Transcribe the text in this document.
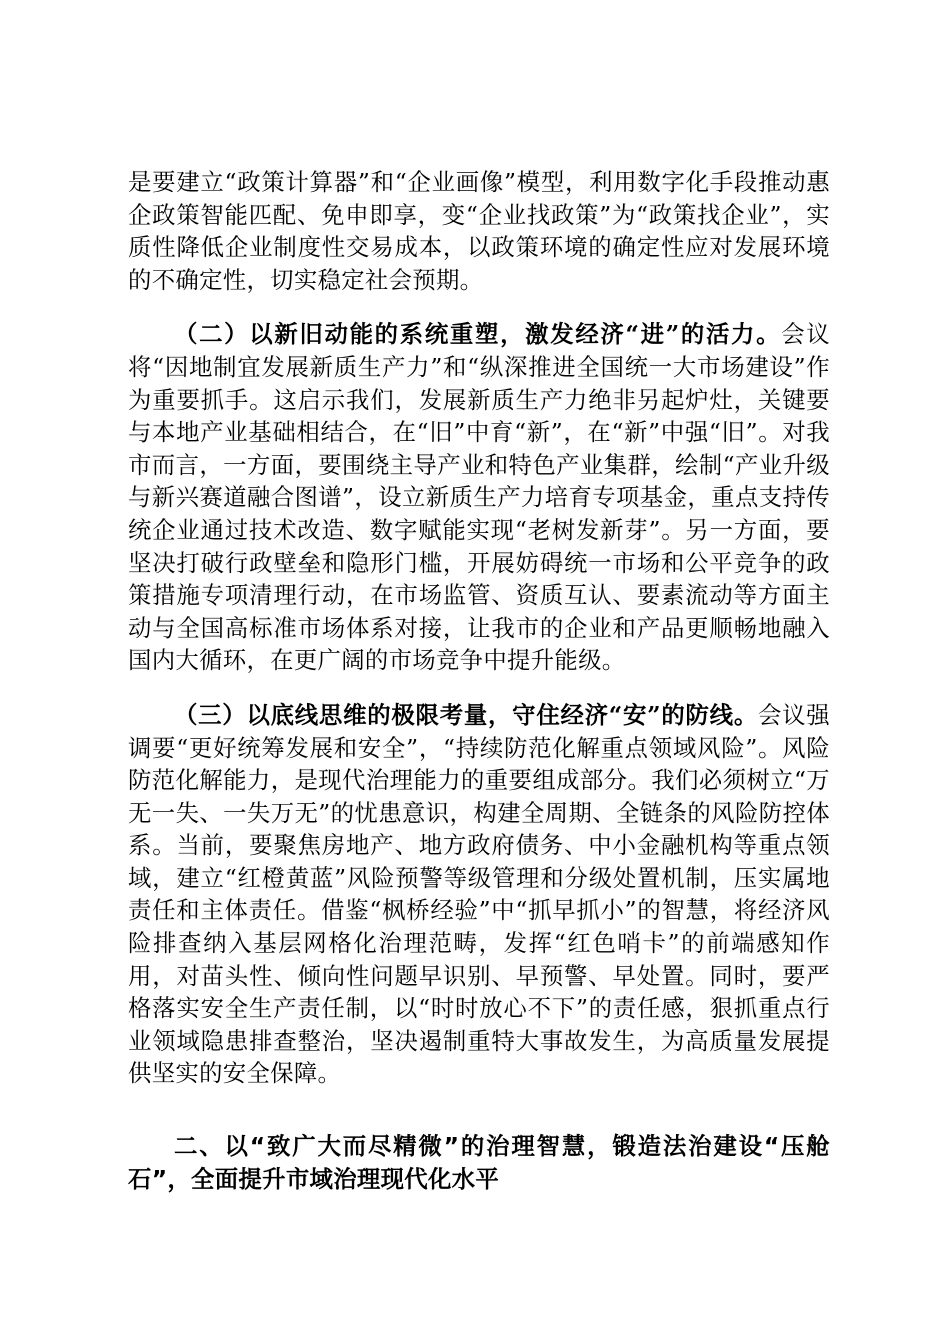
是要建立“政策计算器”和“企业画像”模型，利用数字化手段推动惠企政策智能匹配、免申即享，变“企业找政策”为“政策找企业”，实质性降低企业制度性交易成本，以政策环境的确定性应对发展环境的不确定性，切实稳定社会预期。

（二）以新旧动能的系统重塑，激发经济“进”的活力。会议将“因地制宜发展新质生产力”和“纵深推进全国统一大市场建设”作为重要抓手。这启示我们，发展新质生产力绝非另起炉灶，关键要与本地产业基础相结合，在“旧”中育“新”，在“新”中强“旧”。对我市而言，一方面，要围绕主导产业和特色产业集群，绘制“产业升级与新兴赛道融合图谱”，设立新质生产力培育专项基金，重点支持传统企业通过技术改造、数字赋能实现“老树发新芽”。另一方面，要坚决打破行政壁垒和隐形门槛，开展妨碍统一市场和公平竞争的政策措施专项清理行动，在市场监管、资质互认、要素流动等方面主动与全国高标准市场体系对接，让我市的企业和产品更顺畅地融入国内大循环，在更广阔的市场竞争中提升能级。

（三）以底线思维的极限考量，守住经济“安”的防线。会议强调要“更好统筹发展和安全”，“持续防范化解重点领域风险”。风险防范化解能力，是现代治理能力的重要组成部分。我们必须树立“万无一失、一失万无”的忧患意识，构建全周期、全链条的风险防控体系。当前，要聚焦房地产、地方政府债务、中小金融机构等重点领域，建立“红橙黄蓝”风险预警等级管理和分级处置机制，压实属地责任和主体责任。借鉴“枫桥经验”中“抓早抓小”的智慧，将经济风险排查纳入基层网格化治理范畴，发挥“红色哨卡”的前端感知作用，对苗头性、倾向性问题早识别、早预警、早处置。同时，要严格落实安全生产责任制，以“时时放心不下”的责任感，狠抓重点行业领域隐患排查整治，坚决遏制重特大事故发生，为高质量发展提供坚实的安全保障。

二、以“致广大而尽精微”的治理智慧，锻造法治建设“压舱石”，全面提升市域治理现代化水平
